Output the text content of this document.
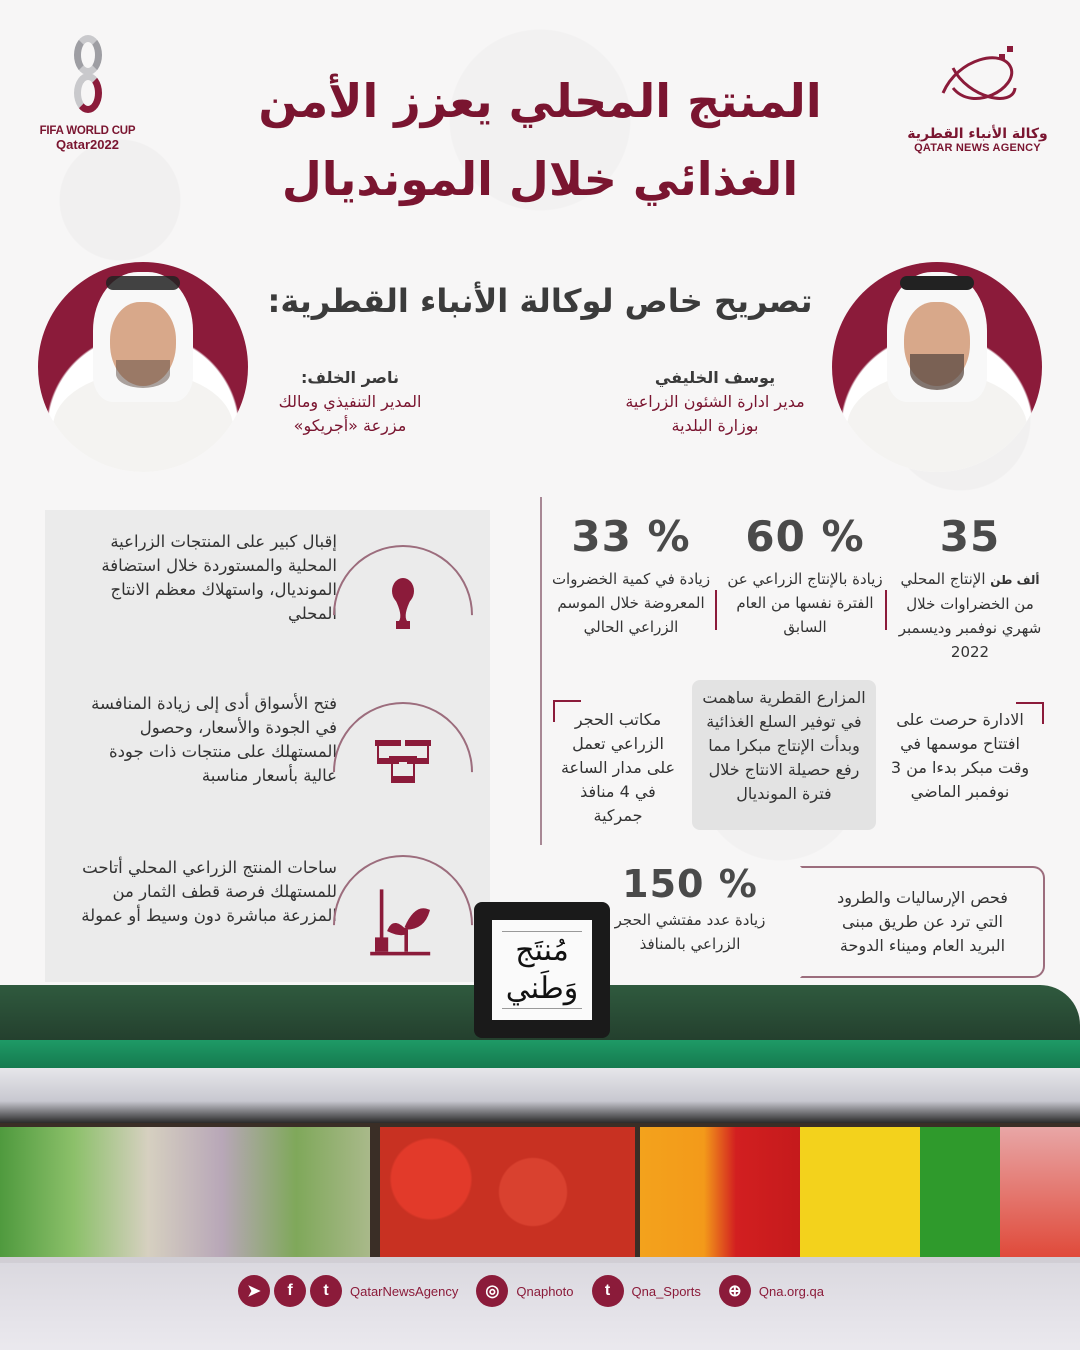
FIFA WORLD CUP
Qatar2022
وكالة الأنباء القطرية
QATAR NEWS AGENCY
المنتج المحلي يعزز الأمن
الغذائي خلال المونديال
تصريح خاص لوكالة الأنباء القطرية:
يوسف الخليفي
مدير ادارة الشئون الزراعية
بوزارة البلدية
ناصر الخلف:
المدير التنفيذي ومالك
مزرعة «أجريكو»
إقبال كبير على المنتجات الزراعية المحلية والمستوردة خلال استضافة المونديال، واستهلاك معظم الانتاج المحلي
فتح الأسواق أدى إلى زيادة المنافسة في الجودة والأسعار، وحصول المستهلك على منتجات ذات جودة عالية بأسعار مناسبة
ساحات المنتج الزراعي المحلي أتاحت للمستهلك فرصة قطف الثمار من المزرعة مباشرة دون وسيط أو عمولة
35
ألف طن الإنتاج المحلي من الخضراوات خلال شهري نوفمبر وديسمبر 2022
% 60
زيادة بالإنتاج الزراعي عن الفترة نفسها من العام السابق
% 33
زيادة في كمية الخضروات المعروضة خلال الموسم الزراعي الحالي
الادارة حرصت على افتتاح موسمها في وقت مبكر بدءا من 3 نوفمبر الماضي
المزارع القطرية ساهمت في توفير السلع الغذائية وبدأت الإنتاج مبكرا مما رفع حصيلة الانتاج خلال فترة المونديال
مكاتب الحجر الزراعي تعمل على مدار الساعة في 4 منافذ جمركية
% 150
زيادة عدد مفتشي الحجر الزراعي بالمنافذ
فحص الإرساليات والطرود التي ترد عن طريق مبنى البريد العام وميناء الدوحة
مُنتَج
وَطَني
➤	f	t	QatarNewsAgency	◎	Qnaphoto	t	Qna_Sports	⊕	Qna.org.qa
